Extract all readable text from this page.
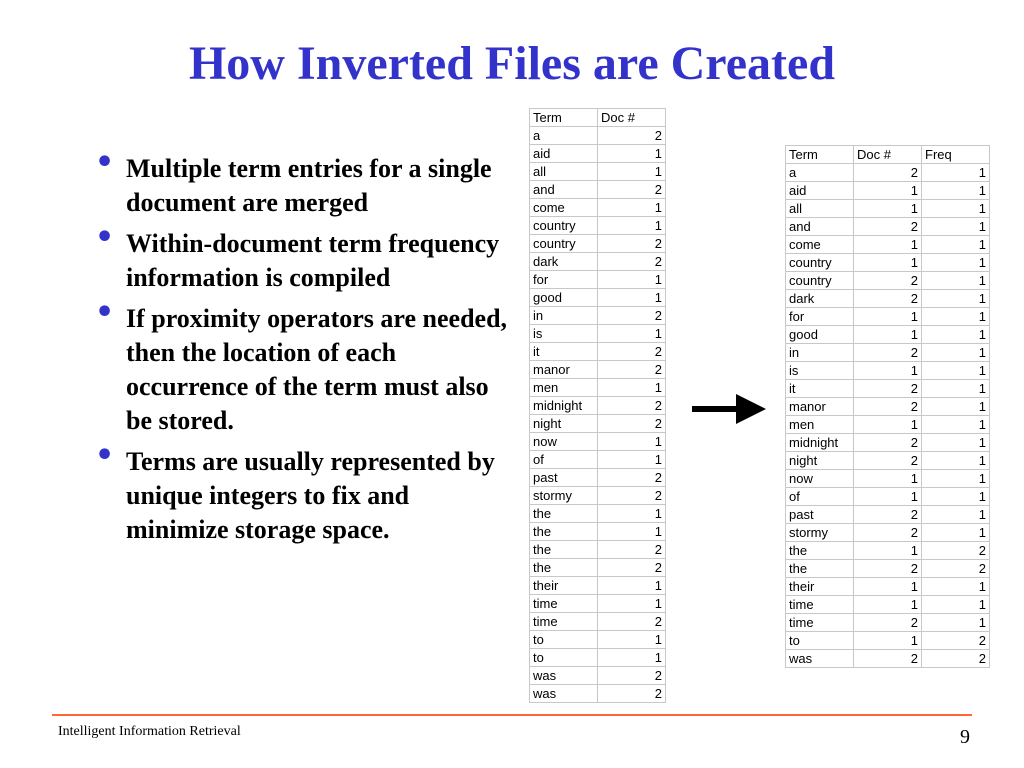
How Inverted Files are Created
• Multiple term entries for a single document are merged
• Within-document term frequency information is compiled
• If proximity operators are needed, then the location of each occurrence of the term must also be stored.
• Terms are usually represented by unique integers to fix and minimize storage space.
Term	Doc #
a	2
aid	1
all	1
and	2
come	1
country	1
country	2
dark	2
for	1
good	1
in	2
is	1
it	2
manor	2
men	1
midnight	2
night	2
now	1
of	1
past	2
stormy	2
the	1
the	1
the	2
the	2
their	1
time	1
time	2
to	1
to	1
was	2
was	2
Term	Doc #	Freq
a	2	1
aid	1	1
all	1	1
and	2	1
come	1	1
country	1	1
country	2	1
dark	2	1
for	1	1
good	1	1
in	2	1
is	1	1
it	2	1
manor	2	1
men	1	1
midnight	2	1
night	2	1
now	1	1
of	1	1
past	2	1
stormy	2	1
the	1	2
the	2	2
their	1	1
time	1	1
time	2	1
to	1	2
was	2	2
Intelligent Information Retrieval	9
